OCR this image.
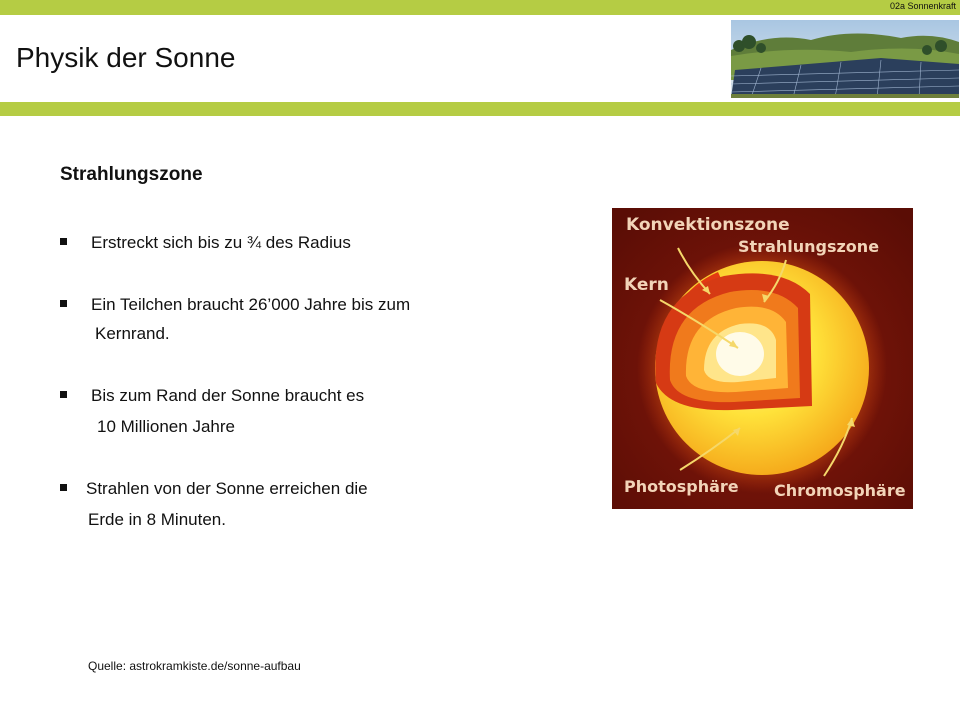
02a Sonnenkraft
Physik der Sonne
Strahlungszone
Erstreckt sich bis zu ¾ des Radius
Ein Teilchen braucht 26’000 Jahre bis zum
Kernrand.
Bis zum Rand der Sonne braucht es
10 Millionen Jahre
Strahlen von der Sonne erreichen die
Erde in 8 Minuten.
Quelle: astrokramkiste.de/sonne-aufbau
Konvektionszone
Strahlungszone
Kern
Photosphäre Chromosphäre
